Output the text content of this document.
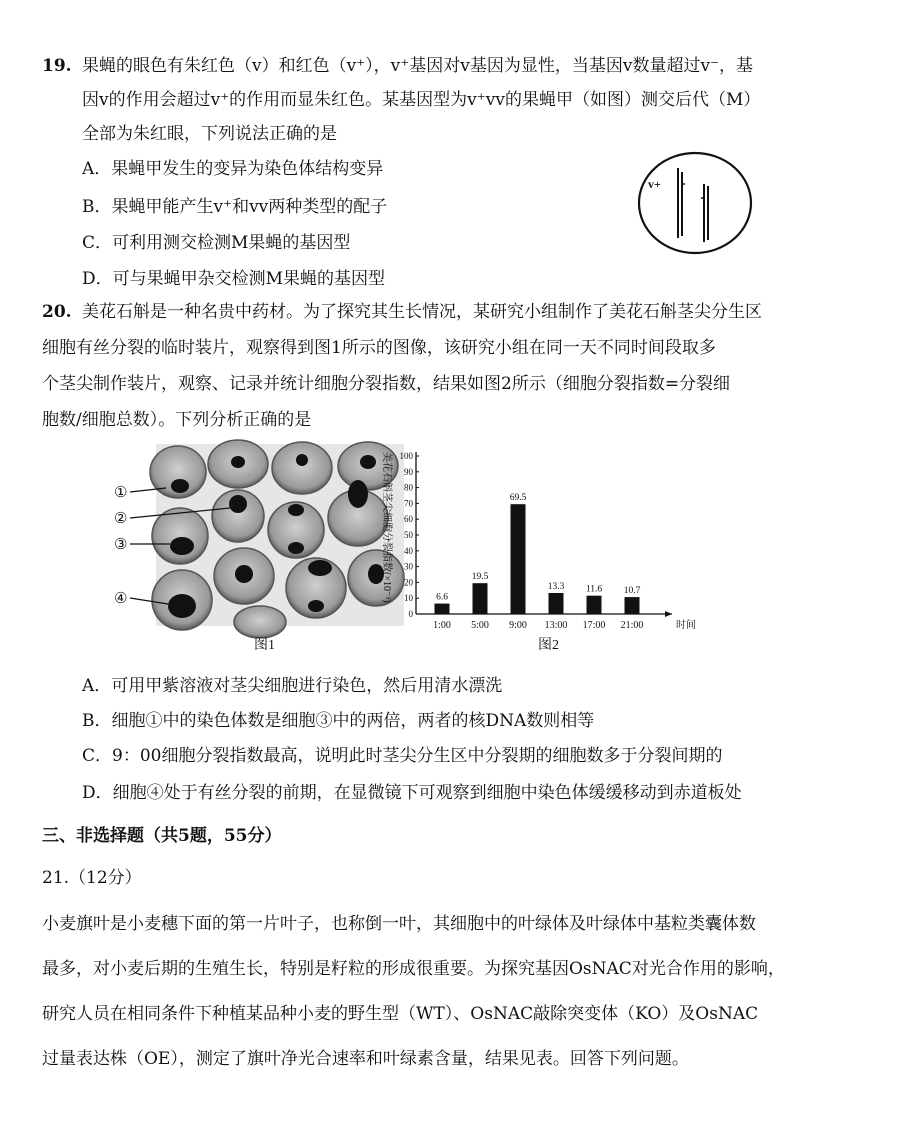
19. 果蝇的眼色有朱红色（v）和红色（v⁺），v⁺基因对v基因为显性，当基因v数量超过v⁻，基
因v的作用会超过v⁺的作用而显朱红色。某基因型为v⁺vv的果蝇甲（如图）测交后代（M）
全部为朱红眼，下列说法正确的是
A．果蝇甲发生的变异为染色体结构变异
B．果蝇甲能产生v⁺和vv两种类型的配子
C．可利用测交检测M果蝇的基因型
D．可与果蝇甲杂交检测M果蝇的基因型
v+
20. 美花石斛是一种名贵中药材。为了探究其生长情况，某研究小组制作了美花石斛茎尖分生区
细胞有丝分裂的临时装片，观察得到图1所示的图像，该研究小组在同一天不同时间段取多
个茎尖制作装片，观察、记录并统计细胞分裂指数，结果如图2所示（细胞分裂指数=分裂细
胞数/细胞总数）。下列分析正确的是
①
②
③
④
图1
美花石斛茎尖细胞分裂指数(×10⁻³)
0
10
20
30
40
50
60
70
80
90
100
6.6
19.5
69.5
13.3 11.6 10.7
1:00 5:00 9:00 13:00 17:00 21:00	时间
图2
A．可用甲紫溶液对茎尖细胞进行染色，然后用清水漂洗
B．细胞①中的染色体数是细胞③中的两倍，两者的核DNA数则相等
C．9：00细胞分裂指数最高，说明此时茎尖分生区中分裂期的细胞数多于分裂间期的
D．细胞④处于有丝分裂的前期，在显微镜下可观察到细胞中染色体缓缓移动到赤道板处
三、非选择题（共5题，55分）
21.（12分）
小麦旗叶是小麦穗下面的第一片叶子，也称倒一叶，其细胞中的叶绿体及叶绿体中基粒类囊体数
最多，对小麦后期的生殖生长，特别是籽粒的形成很重要。为探究基因OsNAC对光合作用的影响，
研究人员在相同条件下种植某品种小麦的野生型（WT）、OsNAC敲除突变体（KO）及OsNAC
过量表达株（OE），测定了旗叶净光合速率和叶绿素含量，结果见表。回答下列问题。
